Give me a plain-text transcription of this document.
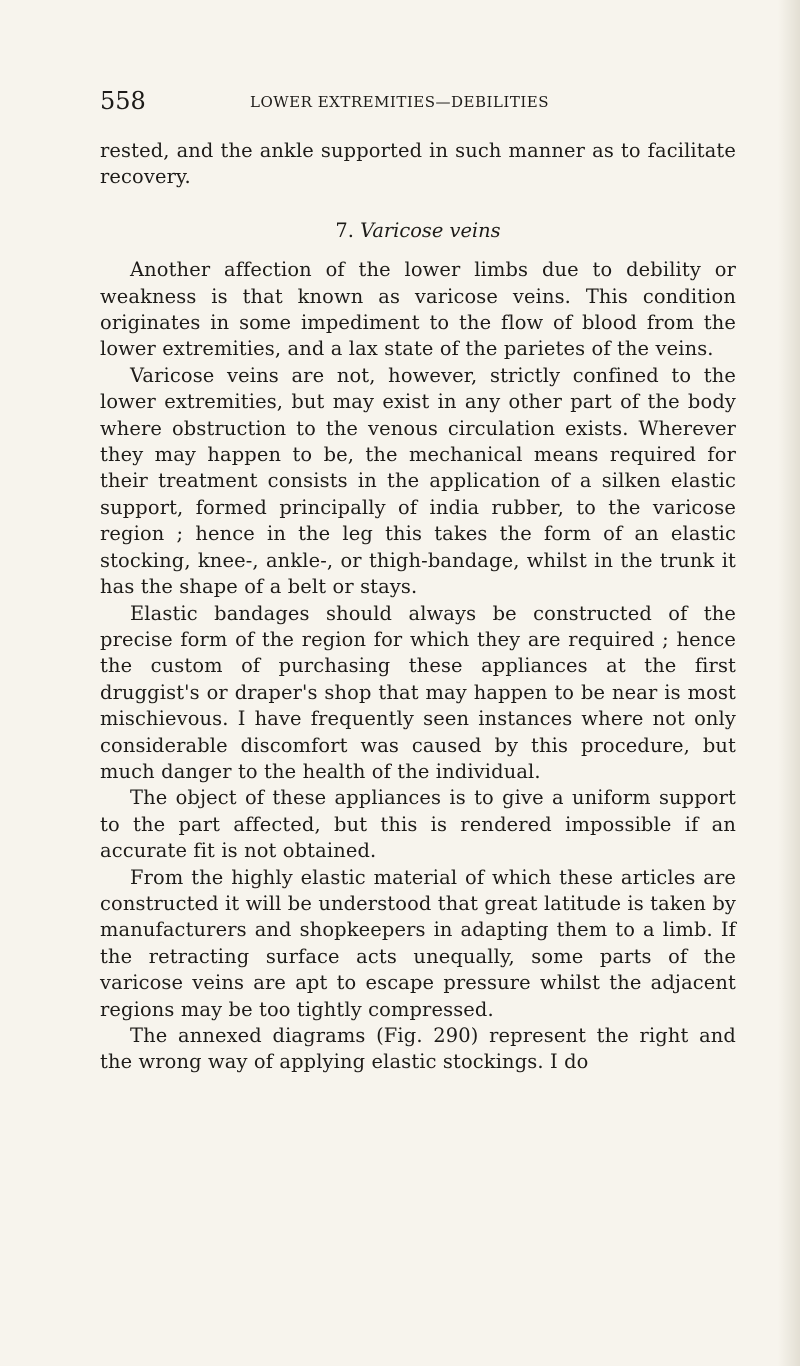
558	LOWER EXTREMITIES—DEBILITIES

rested, and the ankle supported in such manner as to facilitate recovery.

7. Varicose veins

Another affection of the lower limbs due to debility or weakness is that known as varicose veins. This condition originates in some impediment to the flow of blood from the lower extremities, and a lax state of the parietes of the veins.

Varicose veins are not, however, strictly confined to the lower extremities, but may exist in any other part of the body where obstruction to the venous circulation exists. Wherever they may happen to be, the mechanical means required for their treatment consists in the application of a silken elastic support, formed principally of india rubber, to the varicose region ; hence in the leg this takes the form of an elastic stocking, knee-, ankle-, or thigh-bandage, whilst in the trunk it has the shape of a belt or stays.

Elastic bandages should always be constructed of the precise form of the region for which they are required ; hence the custom of purchasing these appliances at the first druggist's or draper's shop that may happen to be near is most mischievous. I have frequently seen instances where not only considerable discomfort was caused by this procedure, but much danger to the health of the individual.

The object of these appliances is to give a uniform support to the part affected, but this is rendered impossible if an accurate fit is not obtained.

From the highly elastic material of which these articles are constructed it will be understood that great latitude is taken by manufacturers and shopkeepers in adapting them to a limb. If the retracting surface acts unequally, some parts of the varicose veins are apt to escape pressure whilst the adjacent regions may be too tightly compressed.

The annexed diagrams (Fig. 290) represent the right and the wrong way of applying elastic stockings. I do
